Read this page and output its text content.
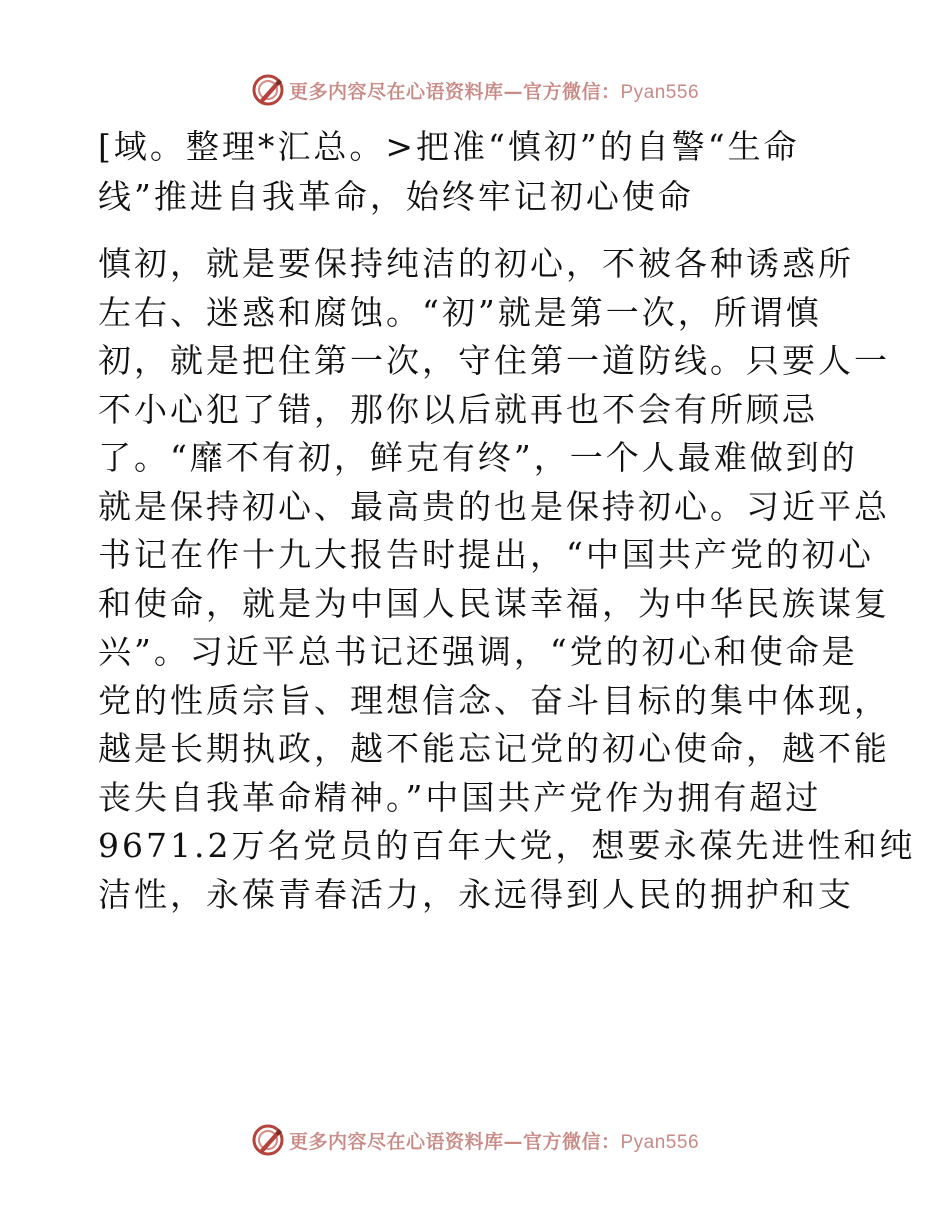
更多内容尽在心语资料库—官方微信：Pyan556
[域。整理*汇总。>把准“慎初”的自警“生命
线”推进自我革命，始终牢记初心使命
慎初，就是要保持纯洁的初心，不被各种诱惑所
左右、迷惑和腐蚀。“初”就是第一次，所谓慎
初，就是把住第一次，守住第一道防线。只要人一
不小心犯了错，那你以后就再也不会有所顾忌
了。“靡不有初，鲜克有终”，一个人最难做到的
就是保持初心、最高贵的也是保持初心。习近平总
书记在作十九大报告时提出，“中国共产党的初心
和使命，就是为中国人民谋幸福，为中华民族谋复
兴”。习近平总书记还强调，“党的初心和使命是
党的性质宗旨、理想信念、奋斗目标的集中体现，
越是长期执政，越不能忘记党的初心使命，越不能
丧失自我革命精神。”中国共产党作为拥有超过
9671.2万名党员的百年大党，想要永葆先进性和纯
洁性，永葆青春活力，永远得到人民的拥护和支
更多内容尽在心语资料库—官方微信：Pyan556
